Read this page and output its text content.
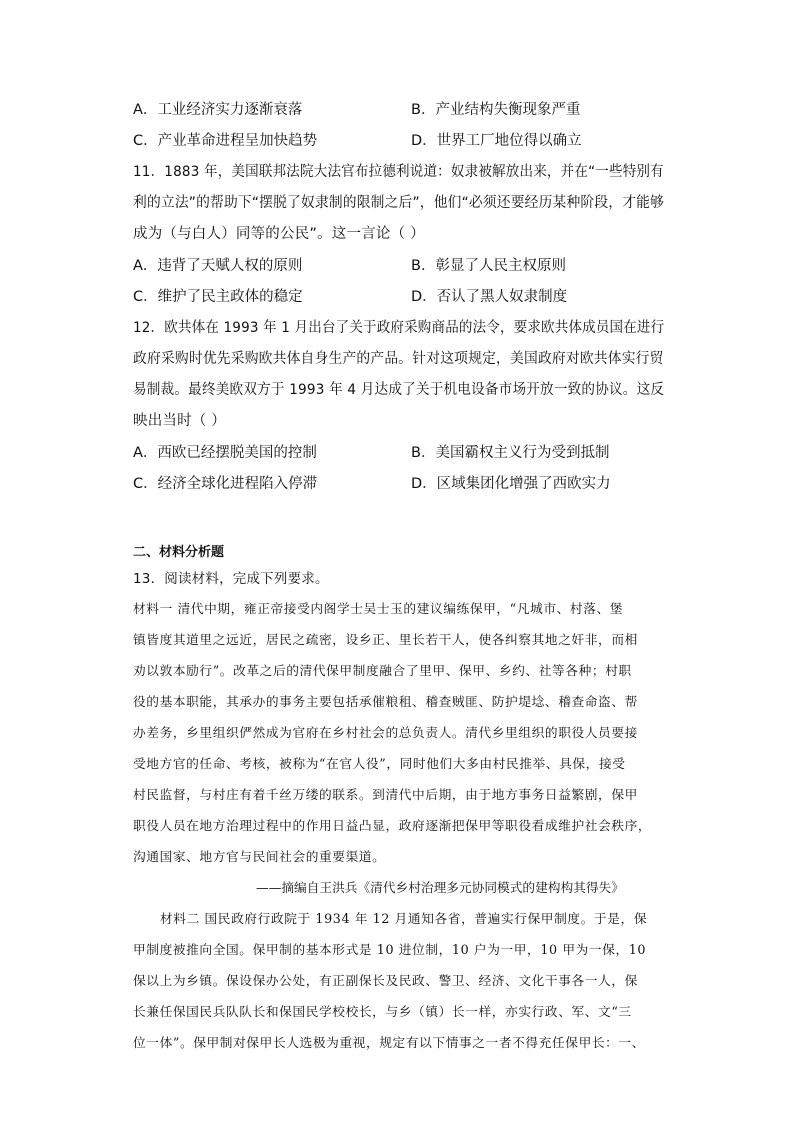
A．工业经济实力逐渐衰落	B．产业结构失衡现象严重
C．产业革命进程呈加快趋势	D．世界工厂地位得以确立
11．1883 年，美国联邦法院大法官布拉德利说道：奴隶被解放出来，并在“一些特别有
利的立法”的帮助下“摆脱了奴隶制的限制之后”，他们“必须还要经历某种阶段，才能够
成为（与白人）同等的公民”。这一言论（ ）
A．违背了天赋人权的原则	B．彰显了人民主权原则
C．维护了民主政体的稳定	D．否认了黑人奴隶制度
12．欧共体在 1993 年 1 月出台了关于政府采购商品的法令，要求欧共体成员国在进行
政府采购时优先采购欧共体自身生产的产品。针对这项规定，美国政府对欧共体实行贸
易制裁。最终美欧双方于 1993 年 4 月达成了关于机电设备市场开放一致的协议。这反
映出当时（ ）
A．西欧已经摆脱美国的控制	B．美国霸权主义行为受到抵制
C．经济全球化进程陷入停滞	D．区域集团化增强了西欧实力
二、材料分析题
13．阅读材料，完成下列要求。
材料一 清代中期，雍正帝接受内阁学士吴士玉的建议编练保甲，“凡城市、村落、堡
镇皆度其道里之远近，居民之疏密，设乡正、里长若干人，使各纠察其地之奸非，而相
劝以敦本励行”。改革之后的清代保甲制度融合了里甲、保甲、乡约、社等各种；村职
役的基本职能，其承办的事务主要包括承催粮租、稽查贼匪、防护堤埝、稽查命盗、帮
办差务，乡里组织俨然成为官府在乡村社会的总负责人。清代乡里组织的职役人员要接
受地方官的任命、考核，被称为“在官人役”，同时他们大多由村民推举、具保，接受
村民监督，与村庄有着千丝万缕的联系。到清代中后期，由于地方事务日益繁剧，保甲
职役人员在地方治理过程中的作用日益凸显，政府逐渐把保甲等职役看成维护社会秩序，
沟通国家、地方官与民间社会的重要渠道。
——摘编自王洪兵《清代乡村治理多元协同模式的建构构其得失》
材料二 国民政府行政院于 1934 年 12 月通知各省，普遍实行保甲制度。于是，保
甲制度被推向全国。保甲制的基本形式是 10 进位制，10 户为一甲，10 甲为一保，10
保以上为乡镇。保设保办公处，有正副保长及民政、警卫、经济、文化干事各一人，保
长兼任保国民兵队队长和保国民学校校长，与乡（镇）长一样，亦实行政、军、文“三
位一体”。保甲制对保甲长人选极为重视，规定有以下情事之一者不得充任保甲长：一、
